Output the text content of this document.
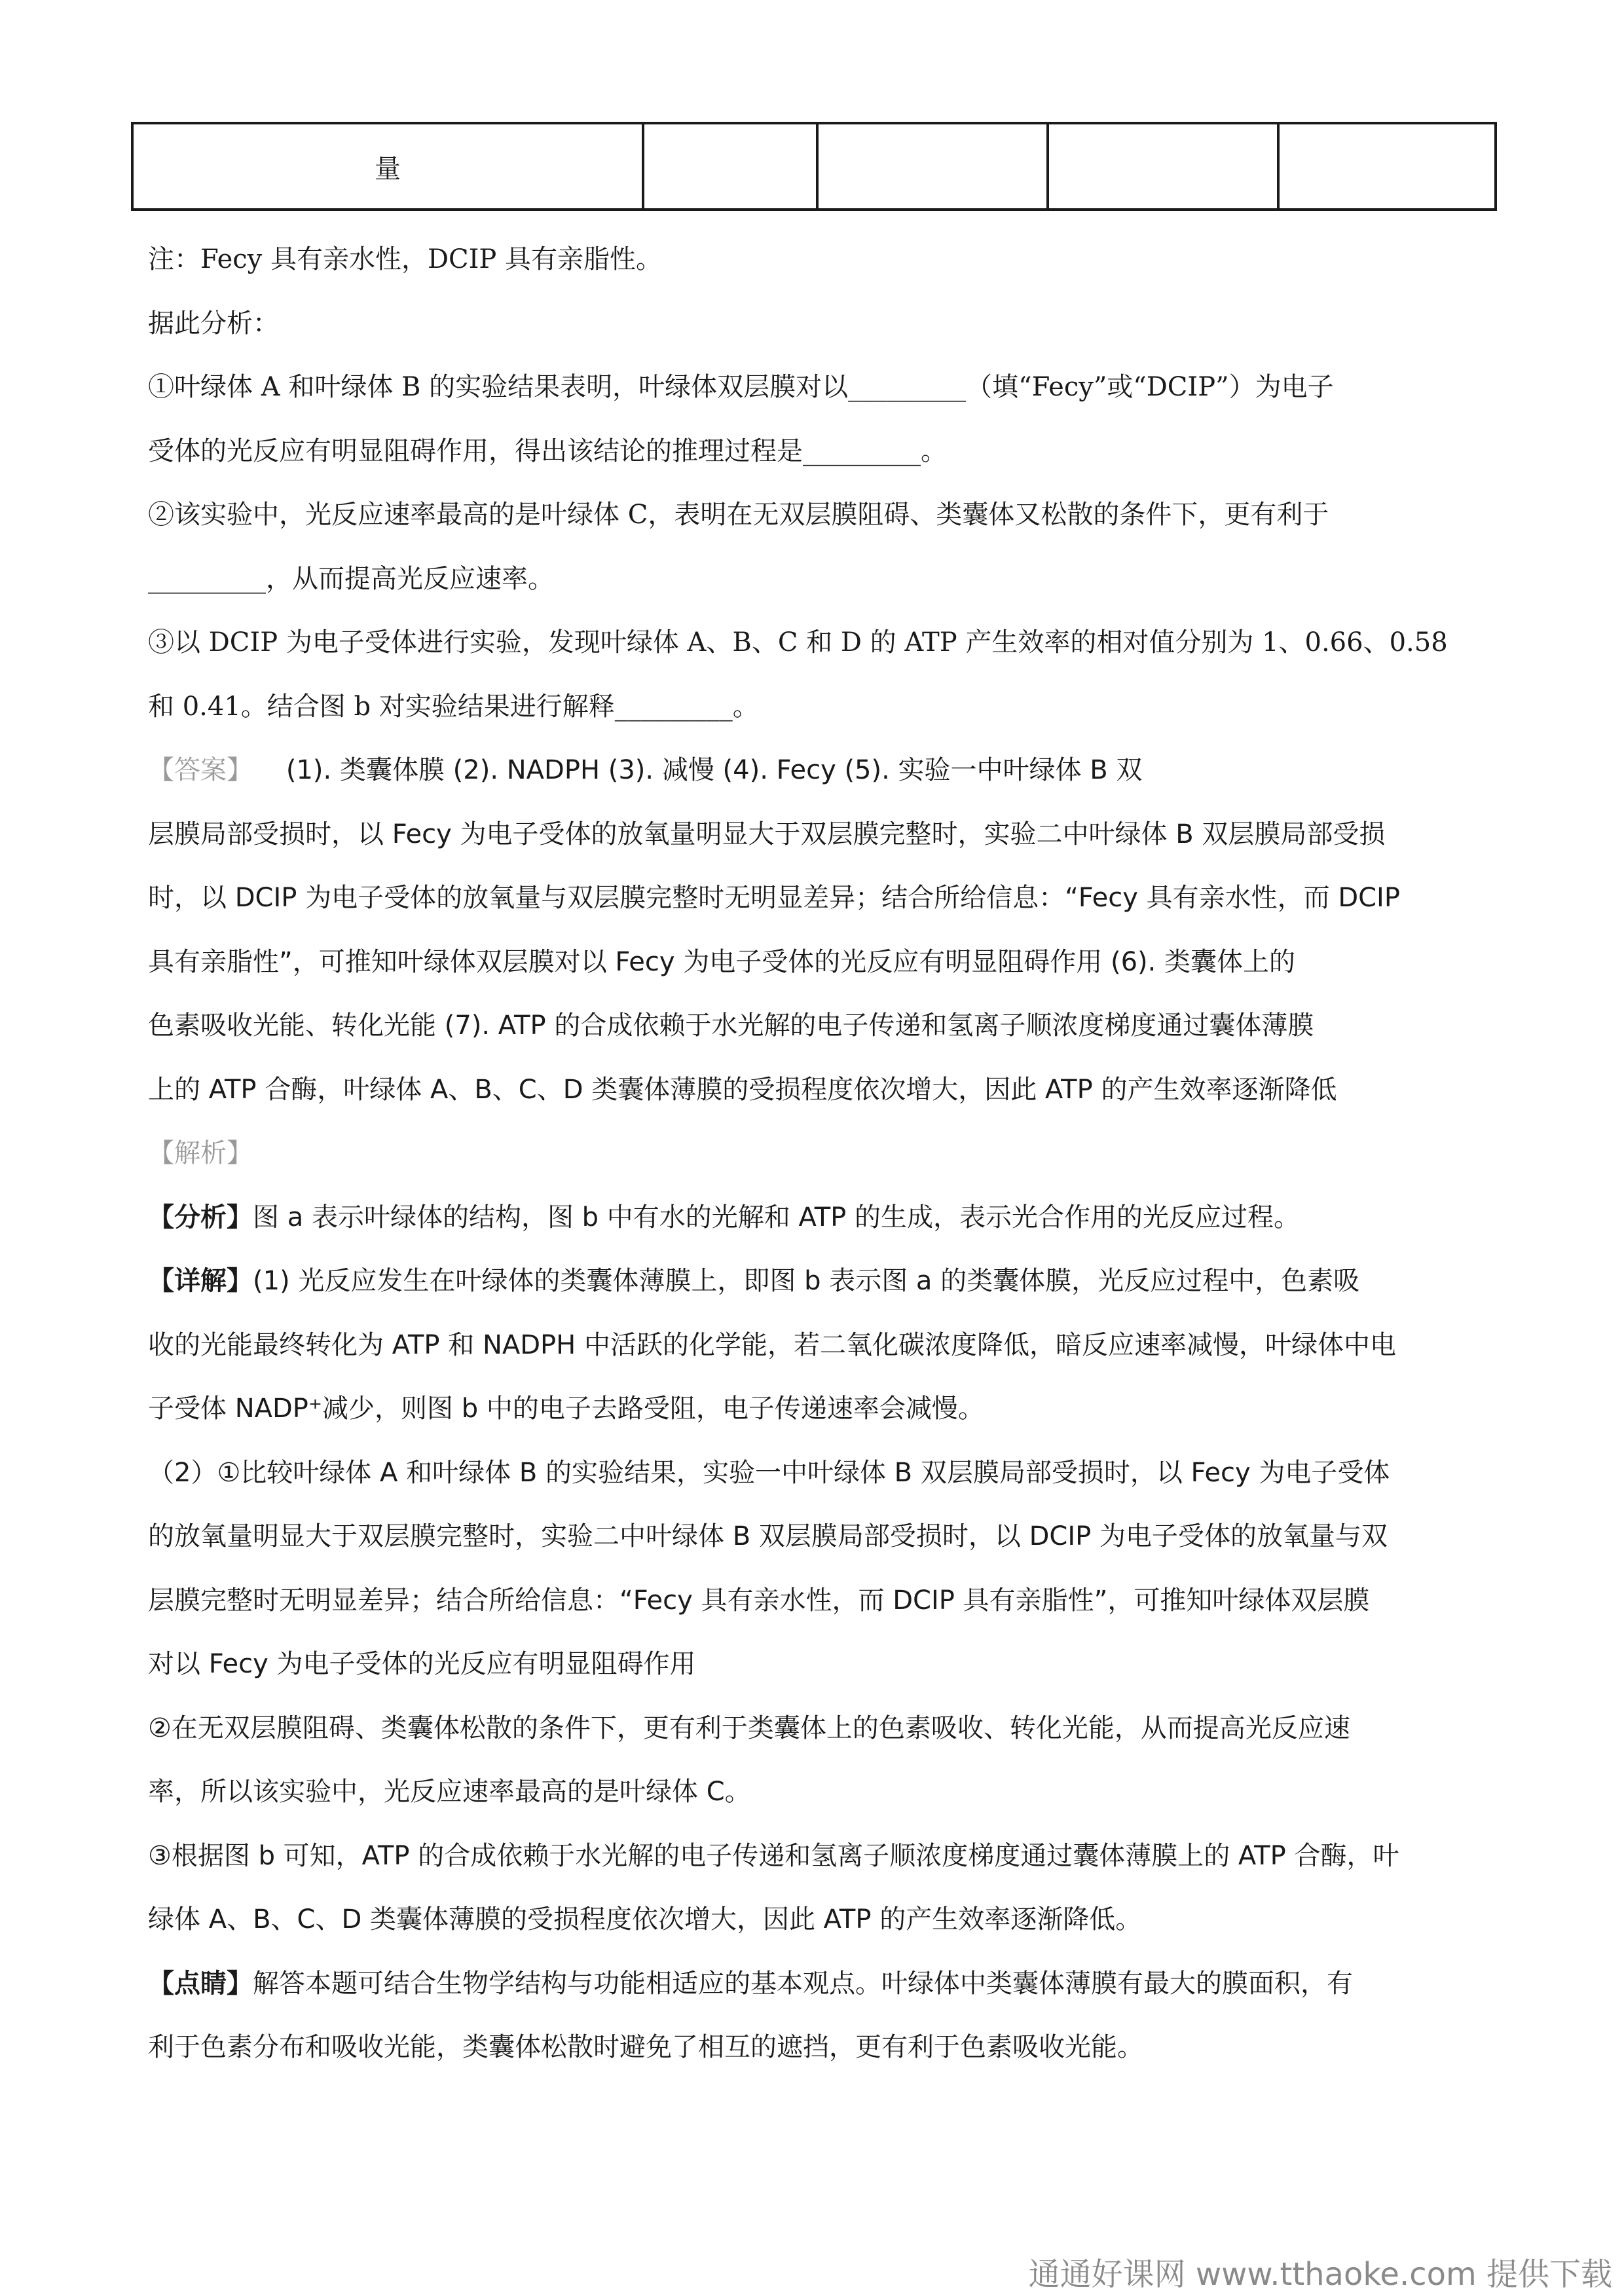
量				
注：Fecy 具有亲水性，DCIP 具有亲脂性。
据此分析：
①叶绿体 A 和叶绿体 B 的实验结果表明，叶绿体双层膜对以_________（填“Fecy”或“DCIP”）为电子
受体的光反应有明显阻碍作用，得出该结论的推理过程是_________。
②该实验中，光反应速率最高的是叶绿体 C，表明在无双层膜阻碍、类囊体又松散的条件下，更有利于
_________，从而提高光反应速率。
③以 DCIP 为电子受体进行实验，发现叶绿体 A、B、C 和 D 的 ATP 产生效率的相对值分别为 1、0.66、0.58
和 0.41。结合图 b 对实验结果进行解释_________。
【答案】 (1). 类囊体膜 (2). NADPH (3). 减慢 (4). Fecy (5). 实验一中叶绿体 B 双
层膜局部受损时，以 Fecy 为电子受体的放氧量明显大于双层膜完整时，实验二中叶绿体 B 双层膜局部受损
时，以 DCIP 为电子受体的放氧量与双层膜完整时无明显差异；结合所给信息：“Fecy 具有亲水性，而 DCIP
具有亲脂性”，可推知叶绿体双层膜对以 Fecy 为电子受体的光反应有明显阻碍作用 (6). 类囊体上的
色素吸收光能、转化光能 (7). ATP 的合成依赖于水光解的电子传递和氢离子顺浓度梯度通过囊体薄膜
上的 ATP 合酶，叶绿体 A、B、C、D 类囊体薄膜的受损程度依次增大，因此 ATP 的产生效率逐渐降低
【解析】
【分析】图 a 表示叶绿体的结构，图 b 中有水的光解和 ATP 的生成，表示光合作用的光反应过程。
【详解】(1) 光反应发生在叶绿体的类囊体薄膜上，即图 b 表示图 a 的类囊体膜，光反应过程中，色素吸
收的光能最终转化为 ATP 和 NADPH 中活跃的化学能，若二氧化碳浓度降低，暗反应速率减慢，叶绿体中电
子受体 NADP⁺减少，则图 b 中的电子去路受阻，电子传递速率会减慢。
（2）①比较叶绿体 A 和叶绿体 B 的实验结果，实验一中叶绿体 B 双层膜局部受损时，以 Fecy 为电子受体
的放氧量明显大于双层膜完整时，实验二中叶绿体 B 双层膜局部受损时，以 DCIP 为电子受体的放氧量与双
层膜完整时无明显差异；结合所给信息：“Fecy 具有亲水性，而 DCIP 具有亲脂性”，可推知叶绿体双层膜
对以 Fecy 为电子受体的光反应有明显阻碍作用
②在无双层膜阻碍、类囊体松散的条件下，更有利于类囊体上的色素吸收、转化光能，从而提高光反应速
率，所以该实验中，光反应速率最高的是叶绿体 C。
③根据图 b 可知，ATP 的合成依赖于水光解的电子传递和氢离子顺浓度梯度通过囊体薄膜上的 ATP 合酶，叶
绿体 A、B、C、D 类囊体薄膜的受损程度依次增大，因此 ATP 的产生效率逐渐降低。
【点睛】解答本题可结合生物学结构与功能相适应的基本观点。叶绿体中类囊体薄膜有最大的膜面积，有
利于色素分布和吸收光能，类囊体松散时避免了相互的遮挡，更有利于色素吸收光能。
通通好课网 www.tthaoke.com 提供下载
